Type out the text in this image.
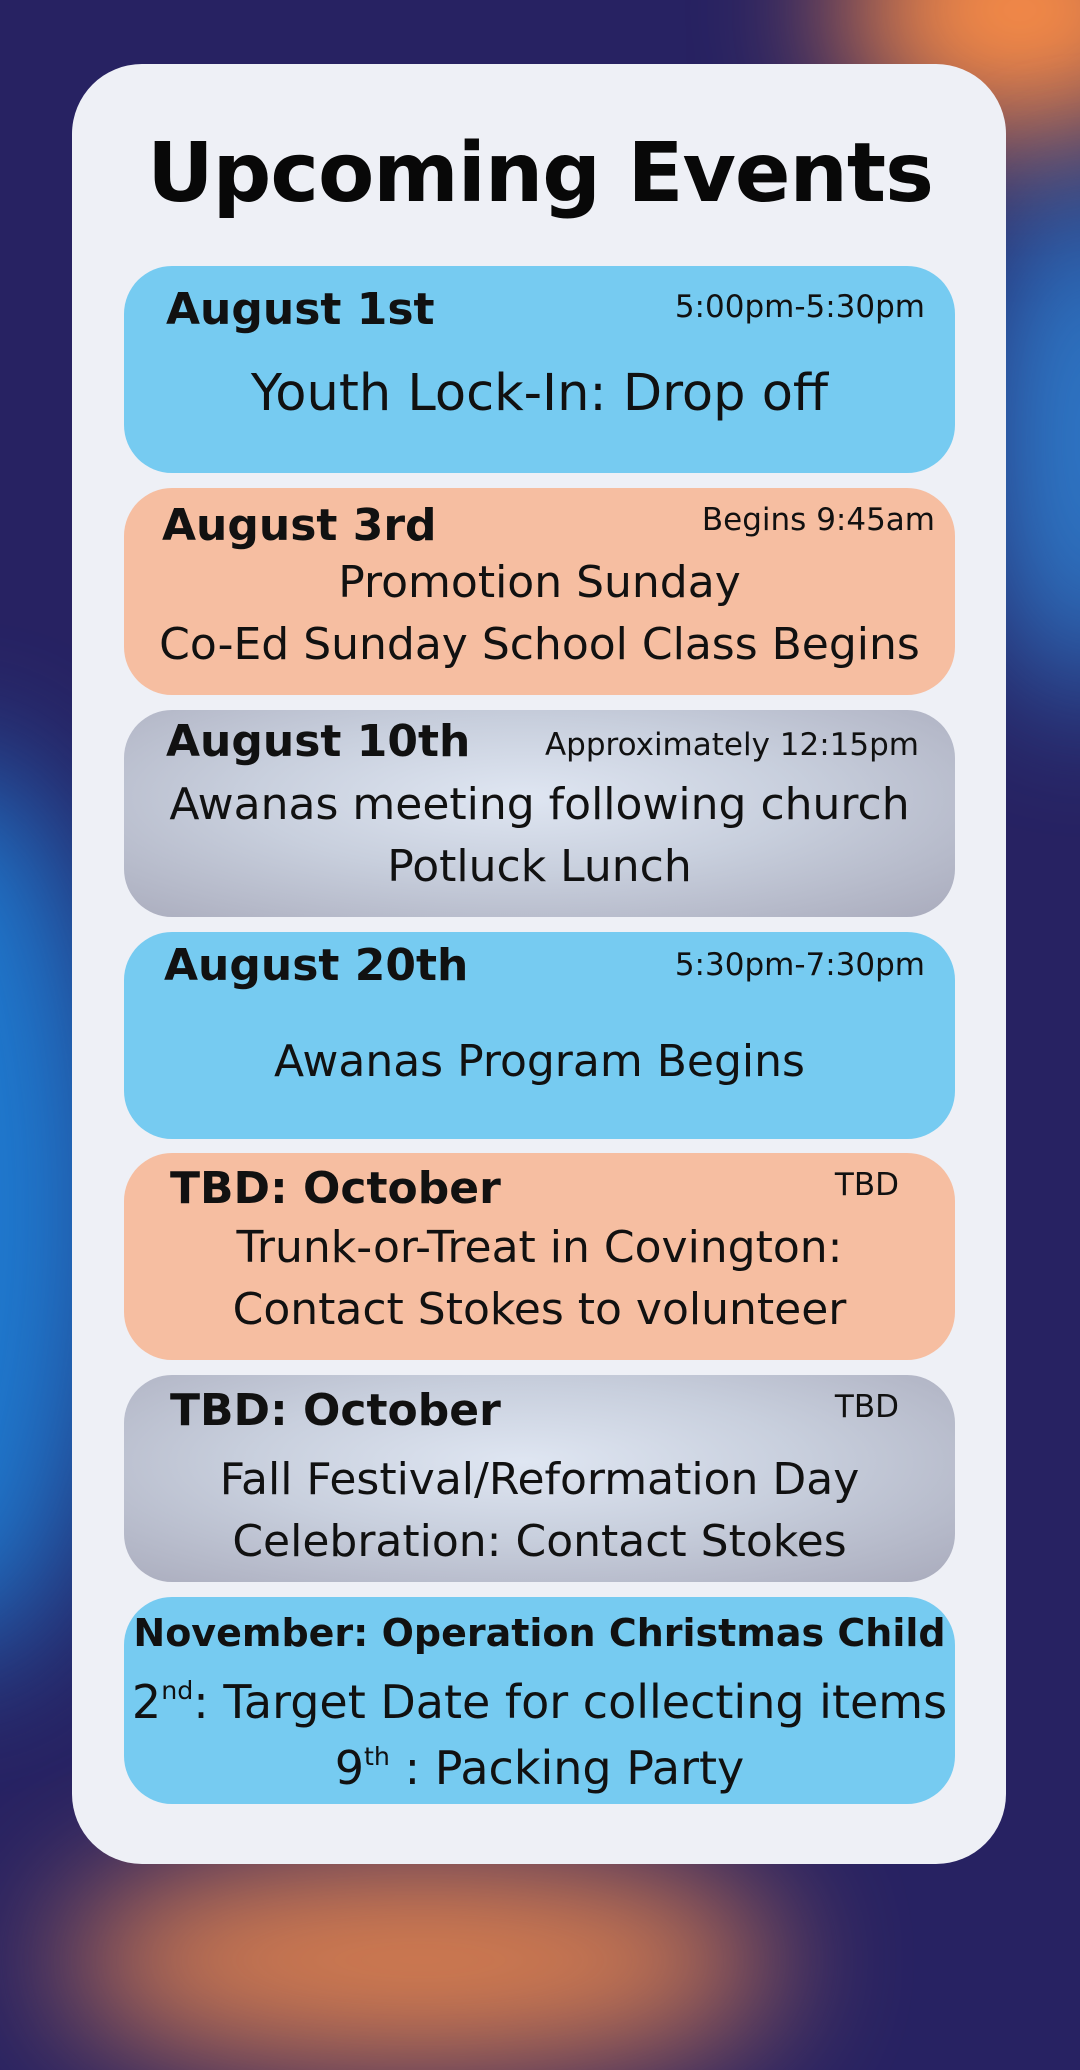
Upcoming Events
August 1st	5:00pm-5:30pm
Youth Lock-In: Drop off
August 3rd	Begins 9:45am
Promotion Sunday
Co-Ed Sunday School Class Begins
August 10th Approximately 12:15pm
Awanas meeting following church
Potluck Lunch
August 20th	5:30pm-7:30pm
Awanas Program Begins
TBD: October	TBD
Trunk-or-Treat in Covington:
Contact Stokes to volunteer
TBD: October	TBD
Fall Festival/Reformation Day
Celebration: Contact Stokes
November: Operation Christmas Child
2nd: Target Date for collecting items
9th : Packing Party
